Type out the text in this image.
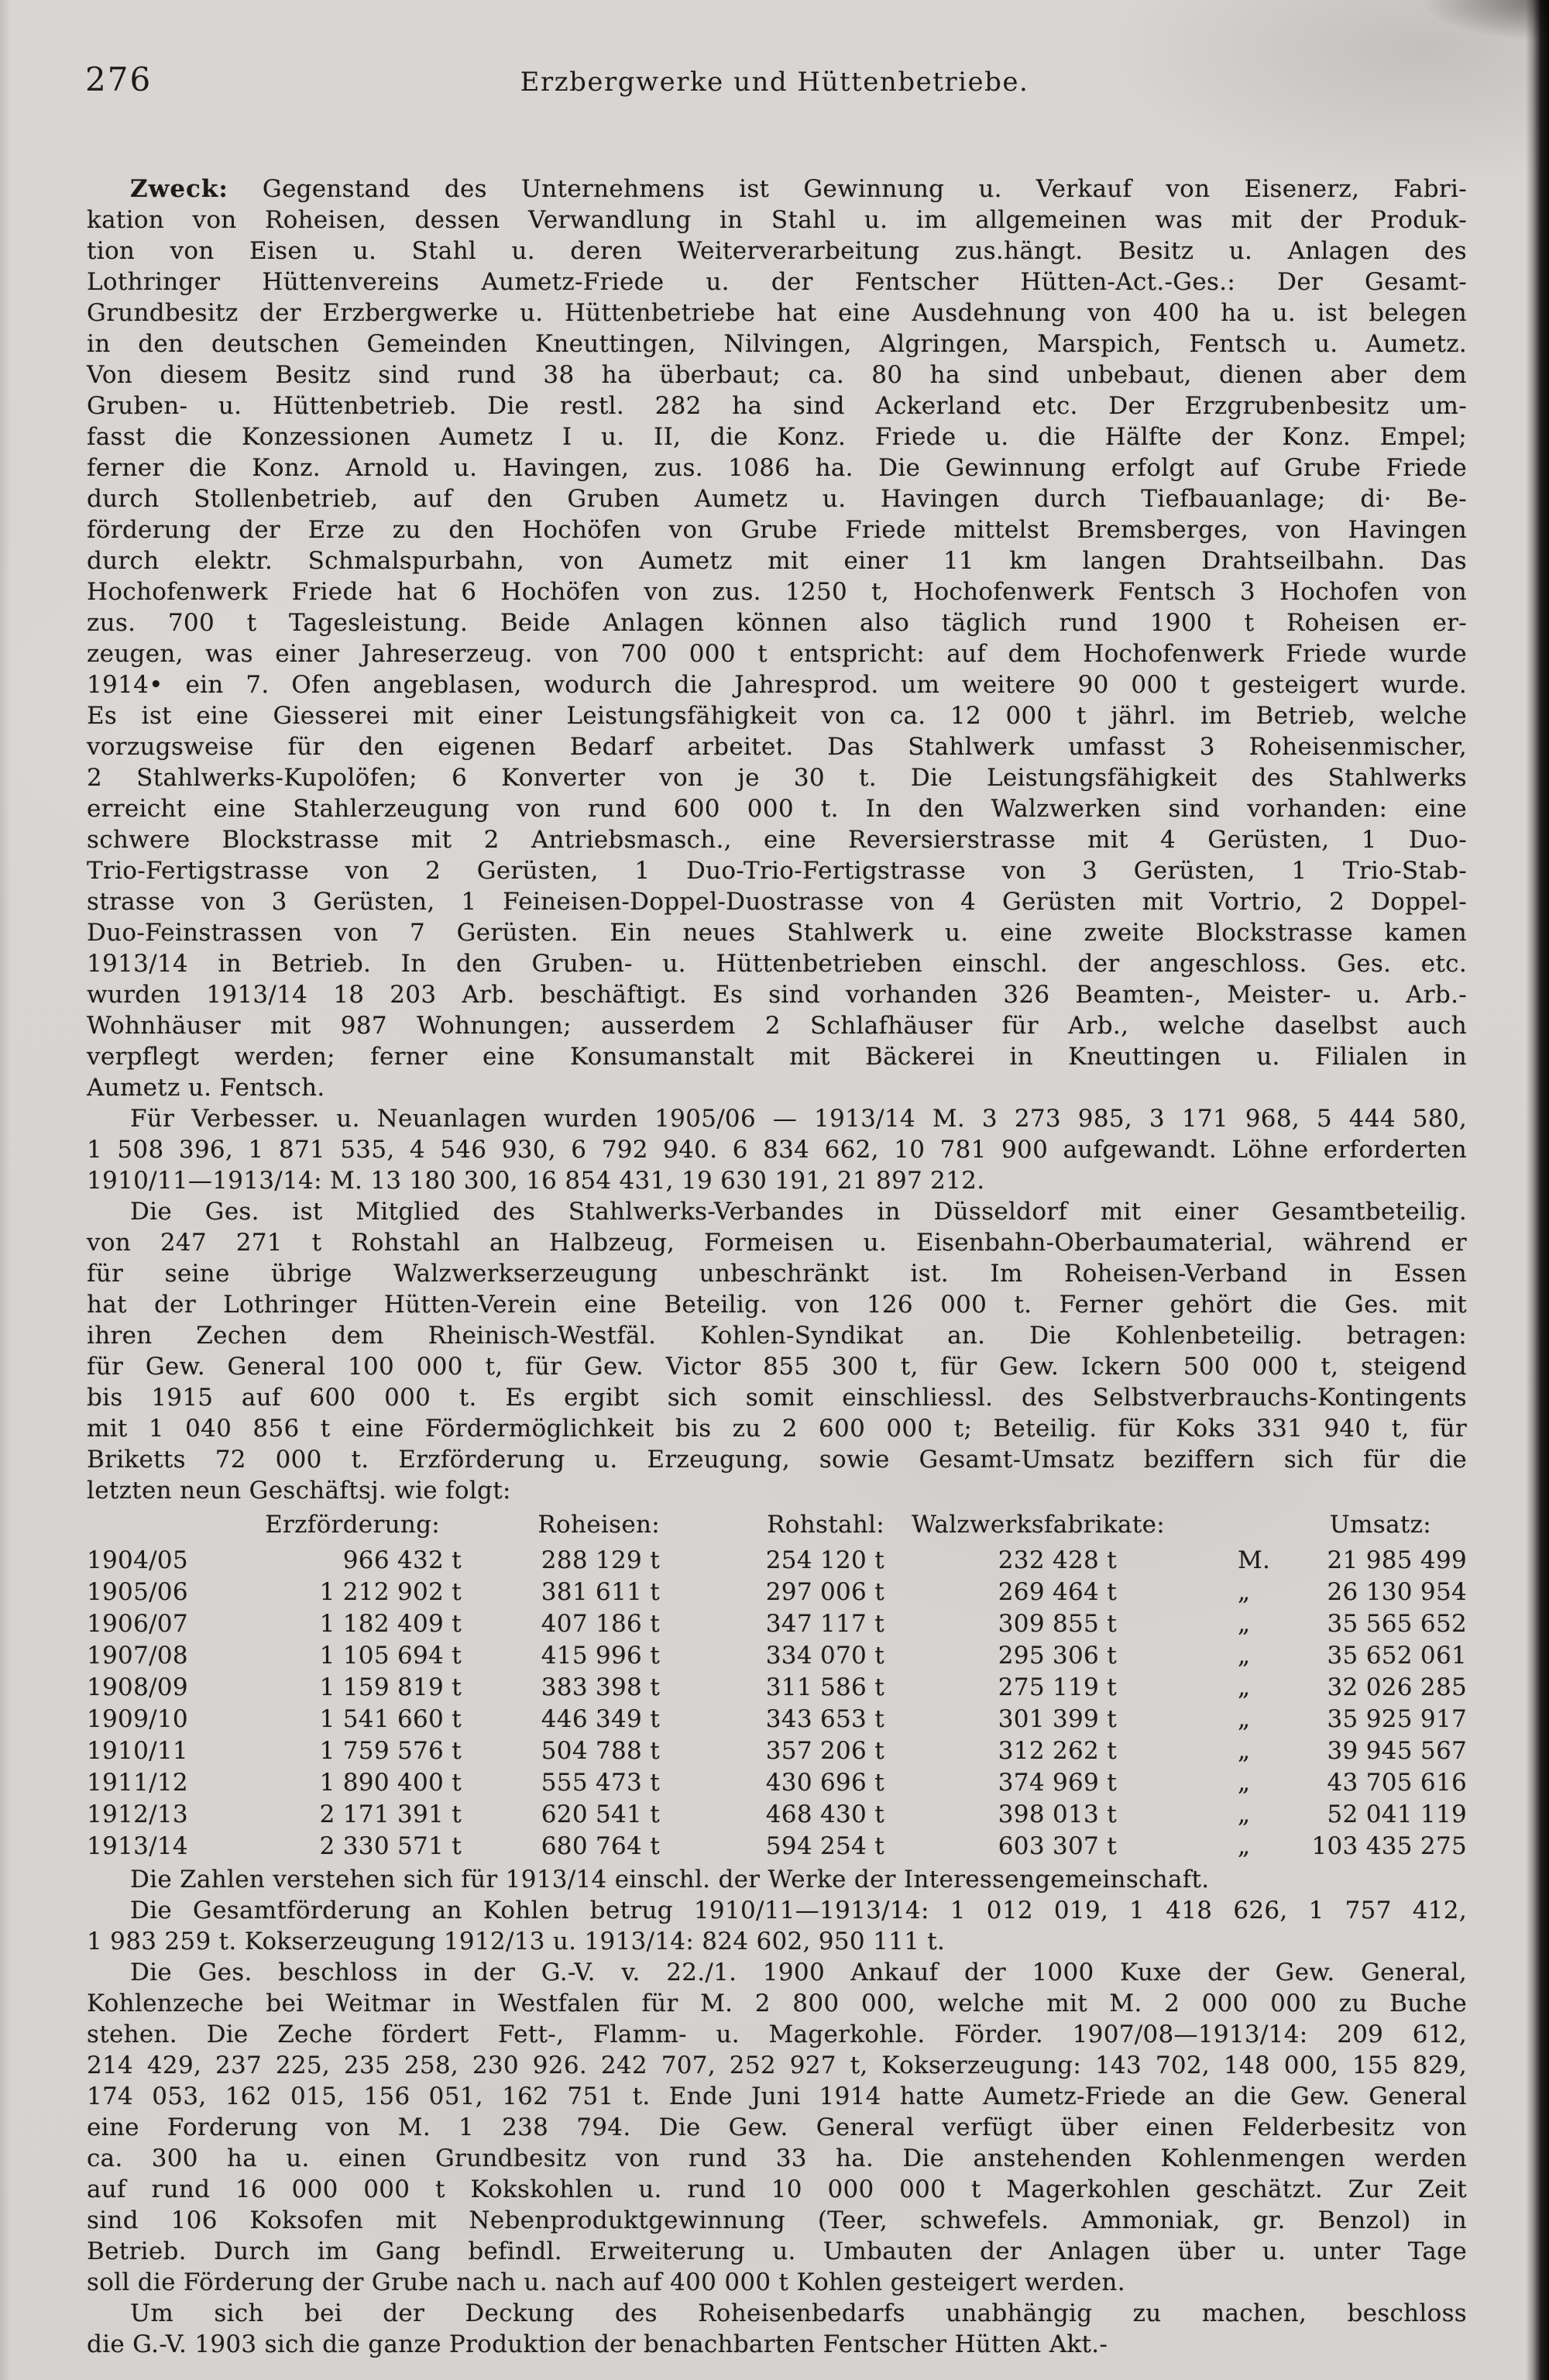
276	Erzbergwerke und Hüttenbetriebe.
Zweck: Gegenstand des Unternehmens ist Gewinnung u. Verkauf von Eisenerz, Fabri-
kation von Roheisen, dessen Verwandlung in Stahl u. im allgemeinen was mit der Produk-
tion von Eisen u. Stahl u. deren Weiterverarbeitung zus.hängt. Besitz u. Anlagen des
Lothringer Hüttenvereins Aumetz-Friede u. der Fentscher Hütten-Act.-Ges.: Der Gesamt-
Grundbesitz der Erzbergwerke u. Hüttenbetriebe hat eine Ausdehnung von 400 ha u. ist belegen
in den deutschen Gemeinden Kneuttingen, Nilvingen, Algringen, Marspich, Fentsch u. Aumetz.
Von diesem Besitz sind rund 38 ha überbaut; ca. 80 ha sind unbebaut, dienen aber dem
Gruben- u. Hüttenbetrieb. Die restl. 282 ha sind Ackerland etc. Der Erzgrubenbesitz um-
fasst die Konzessionen Aumetz I u. II, die Konz. Friede u. die Hälfte der Konz. Empel;
ferner die Konz. Arnold u. Havingen, zus. 1086 ha. Die Gewinnung erfolgt auf Grube Friede
durch Stollenbetrieb, auf den Gruben Aumetz u. Havingen durch Tiefbauanlage; di· Be-
förderung der Erze zu den Hochöfen von Grube Friede mittelst Bremsberges, von Havingen
durch elektr. Schmalspurbahn, von Aumetz mit einer 11 km langen Drahtseilbahn. Das
Hochofenwerk Friede hat 6 Hochöfen von zus. 1250 t, Hochofenwerk Fentsch 3 Hochofen von
zus. 700 t Tagesleistung. Beide Anlagen können also täglich rund 1900 t Roheisen er-
zeugen, was einer Jahreserzeug. von 700 000 t entspricht: auf dem Hochofenwerk Friede wurde
1914• ein 7. Ofen angeblasen, wodurch die Jahresprod. um weitere 90 000 t gesteigert wurde.
Es ist eine Giesserei mit einer Leistungsfähigkeit von ca. 12 000 t jährl. im Betrieb, welche
vorzugsweise für den eigenen Bedarf arbeitet. Das Stahlwerk umfasst 3 Roheisenmischer,
2 Stahlwerks-Kupolöfen; 6 Konverter von je 30 t. Die Leistungsfähigkeit des Stahlwerks
erreicht eine Stahlerzeugung von rund 600 000 t. In den Walzwerken sind vorhanden: eine
schwere Blockstrasse mit 2 Antriebsmasch., eine Reversierstrasse mit 4 Gerüsten, 1 Duo-
Trio-Fertigstrasse von 2 Gerüsten, 1 Duo-Trio-Fertigstrasse von 3 Gerüsten, 1 Trio-Stab-
strasse von 3 Gerüsten, 1 Feineisen-Doppel-Duostrasse von 4 Gerüsten mit Vortrio, 2 Doppel-
Duo-Feinstrassen von 7 Gerüsten. Ein neues Stahlwerk u. eine zweite Blockstrasse kamen
1913/14 in Betrieb. In den Gruben- u. Hüttenbetrieben einschl. der angeschloss. Ges. etc.
wurden 1913/14 18 203 Arb. beschäftigt. Es sind vorhanden 326 Beamten-, Meister- u. Arb.-
Wohnhäuser mit 987 Wohnungen; ausserdem 2 Schlafhäuser für Arb., welche daselbst auch
verpflegt werden; ferner eine Konsumanstalt mit Bäckerei in Kneuttingen u. Filialen in
Aumetz u. Fentsch.
Für Verbesser. u. Neuanlagen wurden 1905/06 — 1913/14 M. 3 273 985, 3 171 968, 5 444 580,
1 508 396, 1 871 535, 4 546 930, 6 792 940. 6 834 662, 10 781 900 aufgewandt. Löhne erforderten
1910/11—1913/14: M. 13 180 300, 16 854 431, 19 630 191, 21 897 212.
Die Ges. ist Mitglied des Stahlwerks-Verbandes in Düsseldorf mit einer Gesamtbeteilig.
von 247 271 t Rohstahl an Halbzeug, Formeisen u. Eisenbahn-Oberbaumaterial, während er
für seine übrige Walzwerkserzeugung unbeschränkt ist. Im Roheisen-Verband in Essen
hat der Lothringer Hütten-Verein eine Beteilig. von 126 000 t. Ferner gehört die Ges. mit
ihren Zechen dem Rheinisch-Westfäl. Kohlen-Syndikat an. Die Kohlenbeteilig. betragen:
für Gew. General 100 000 t, für Gew. Victor 855 300 t, für Gew. Ickern 500 000 t, steigend
bis 1915 auf 600 000 t. Es ergibt sich somit einschliessl. des Selbstverbrauchs-Kontingents
mit 1 040 856 t eine Fördermöglichkeit bis zu 2 600 000 t; Beteilig. für Koks 331 940 t, für
Briketts 72 000 t. Erzförderung u. Erzeugung, sowie Gesamt-Umsatz beziffern sich für die
letzten neun Geschäftsj. wie folgt:
Erzförderung:	Roheisen:	Rohstahl:	Walzwerksfabrikate:	Umsatz:
1904/05	966 432 t	288 129 t	254 120 t	232 428 t	M.	21 985 499
1905/06	1 212 902 t	381 611 t	297 006 t	269 464 t	„	26 130 954
1906/07	1 182 409 t	407 186 t	347 117 t	309 855 t	„	35 565 652
1907/08	1 105 694 t	415 996 t	334 070 t	295 306 t	„	35 652 061
1908/09	1 159 819 t	383 398 t	311 586 t	275 119 t	„	32 026 285
1909/10	1 541 660 t	446 349 t	343 653 t	301 399 t	„	35 925 917
1910/11	1 759 576 t	504 788 t	357 206 t	312 262 t	„	39 945 567
1911/12	1 890 400 t	555 473 t	430 696 t	374 969 t	„	43 705 616
1912/13	2 171 391 t	620 541 t	468 430 t	398 013 t	„	52 041 119
1913/14	2 330 571 t	680 764 t	594 254 t	603 307 t	„	103 435 275
Die Zahlen verstehen sich für 1913/14 einschl. der Werke der Interessengemeinschaft.
Die Gesamtförderung an Kohlen betrug 1910/11—1913/14: 1 012 019, 1 418 626, 1 757 412,
1 983 259 t. Kokserzeugung 1912/13 u. 1913/14: 824 602, 950 111 t.
Die Ges. beschloss in der G.-V. v. 22./1. 1900 Ankauf der 1000 Kuxe der Gew. General,
Kohlenzeche bei Weitmar in Westfalen für M. 2 800 000, welche mit M. 2 000 000 zu Buche
stehen. Die Zeche fördert Fett-, Flamm- u. Magerkohle. Förder. 1907/08—1913/14: 209 612,
214 429, 237 225, 235 258, 230 926. 242 707, 252 927 t, Kokserzeugung: 143 702, 148 000, 155 829,
174 053, 162 015, 156 051, 162 751 t. Ende Juni 1914 hatte Aumetz-Friede an die Gew. General
eine Forderung von M. 1 238 794. Die Gew. General verfügt über einen Felderbesitz von
ca. 300 ha u. einen Grundbesitz von rund 33 ha. Die anstehenden Kohlenmengen werden
auf rund 16 000 000 t Kokskohlen u. rund 10 000 000 t Magerkohlen geschätzt. Zur Zeit
sind 106 Koksofen mit Nebenproduktgewinnung (Teer, schwefels. Ammoniak, gr. Benzol) in
Betrieb. Durch im Gang befindl. Erweiterung u. Umbauten der Anlagen über u. unter Tage
soll die Förderung der Grube nach u. nach auf 400 000 t Kohlen gesteigert werden.
Um sich bei der Deckung des Roheisenbedarfs unabhängig zu machen, beschloss
die G.-V. 1903 sich die ganze Produktion der benachbarten Fentscher Hütten Akt.-
